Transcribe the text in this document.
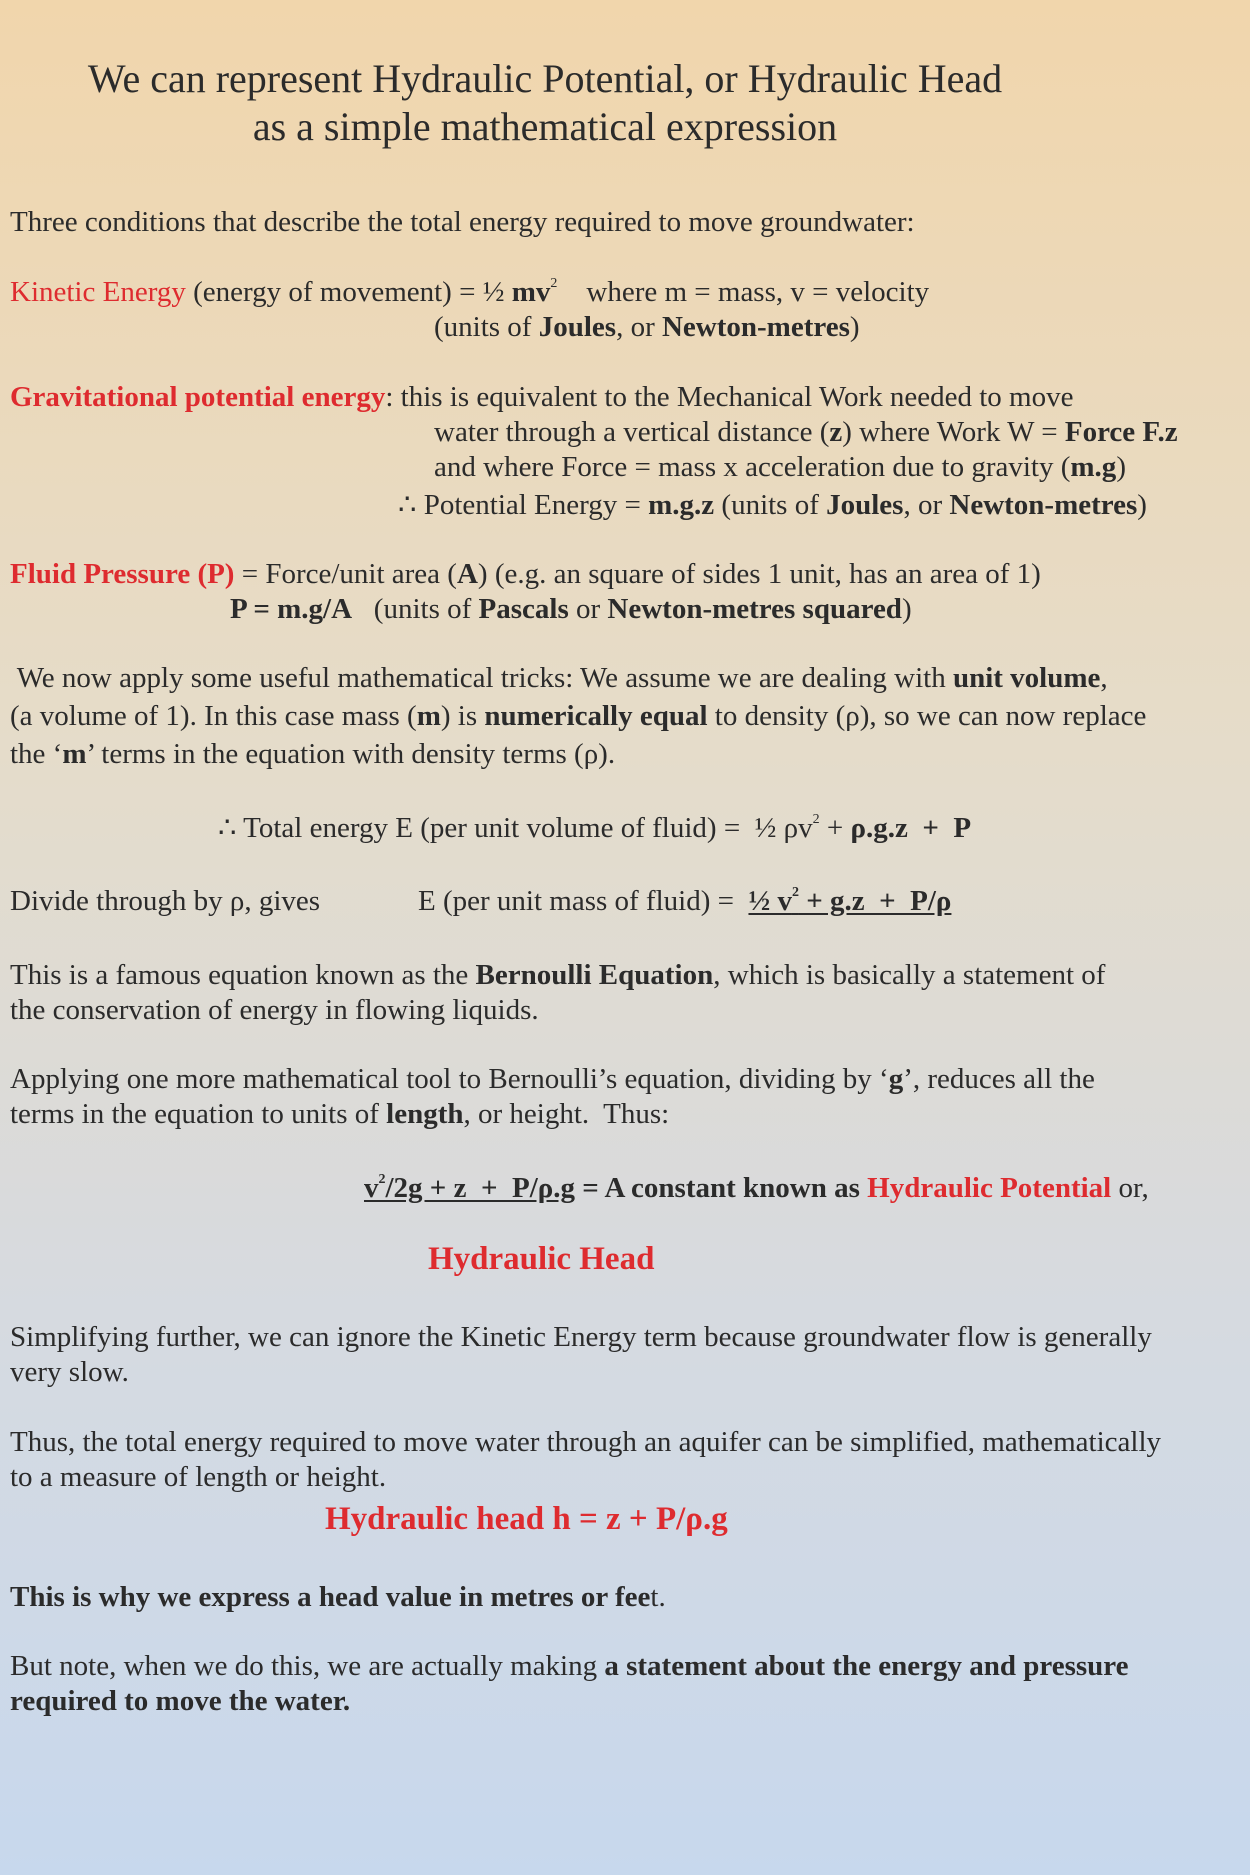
We can represent Hydraulic Potential, or Hydraulic Head
as a simple mathematical expression

Three conditions that describe the total energy required to move groundwater:

Kinetic Energy (energy of movement) = ½ $mv^2$    where m = mass, v = velocity

(units of Joules, or Newton-metres)

Gravitational potential energy: this is equivalent to the Mechanical Work needed to move

water through a vertical distance (z) where Work W = Force F.z

and where Force = mass x acceleration due to gravity (m.g)

∴ Potential Energy = m.g.z (units of Joules, or Newton-metres)

Fluid Pressure (P) = Force/unit area (A) (e.g. an square of sides 1 unit, has an area of 1)

P = m.g/A   (units of Pascals or Newton-metres squared)

We now apply some useful mathematical tricks: We assume we are dealing with unit volume,

(a volume of 1). In this case mass (m) is numerically equal to density (ρ), so we can now replace

the ‘m’ terms in the equation with density terms (ρ).

∴ Total energy E (per unit volume of fluid) =  ½ $\rho v^2 + \rho.g.z + P$

Divide through by ρ, gives	E (per unit mass of fluid) =  ½ $v^2 + g.z + P/\rho$

This is a famous equation known as the Bernoulli Equation, which is basically a statement of

the conservation of energy in flowing liquids.

Applying one more mathematical tool to Bernoulli’s equation, dividing by ‘g’, reduces all the

terms in the equation to units of length, or height.  Thus:

$v^2/2g + z + P/\rho.g = A$ constant known as Hydraulic Potential or,

Hydraulic Head

Simplifying further, we can ignore the Kinetic Energy term because groundwater flow is generally

very slow.

Thus, the total energy required to move water through an aquifer can be simplified, mathematically

to a measure of length or height.

Hydraulic head h = z + P/ρ.g

This is why we express a head value in metres or feet.

But note, when we do this, we are actually making a statement about the energy and pressure

required to move the water.
